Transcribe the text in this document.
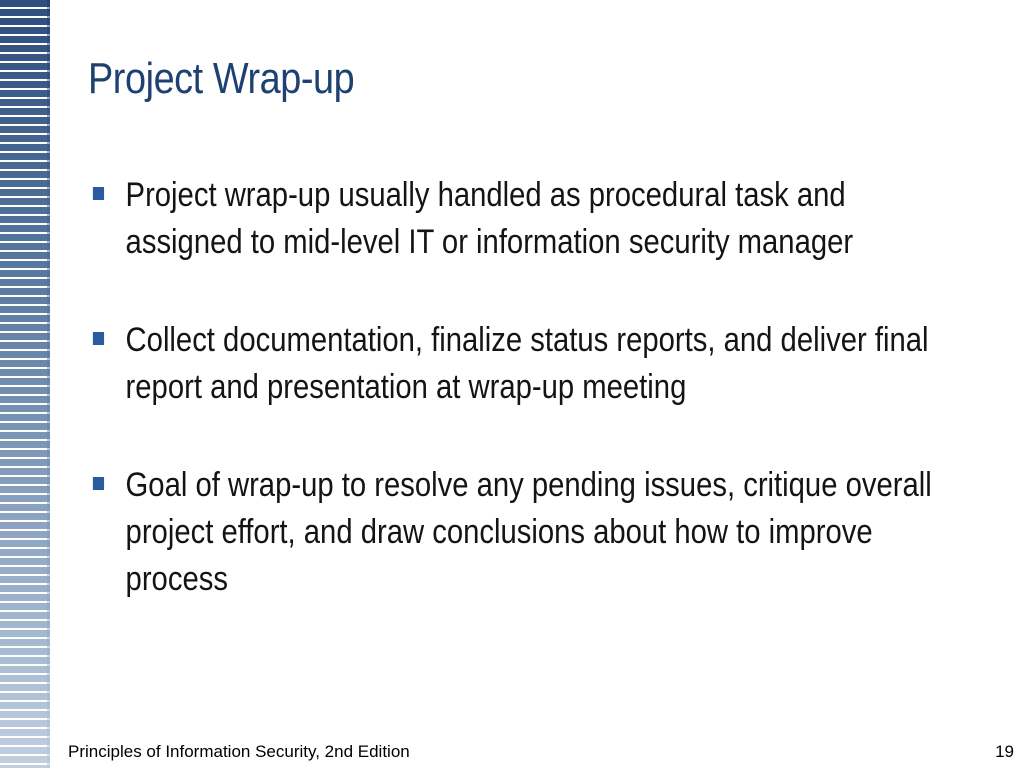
Project Wrap-up
Project wrap-up usually handled as procedural task and assigned to mid-level IT or information security manager
Collect documentation, finalize status reports, and deliver final report and presentation at wrap-up meeting
Goal of wrap-up to resolve any pending issues, critique overall project effort, and draw conclusions about how to improve process
Principles of Information Security, 2nd Edition	19
